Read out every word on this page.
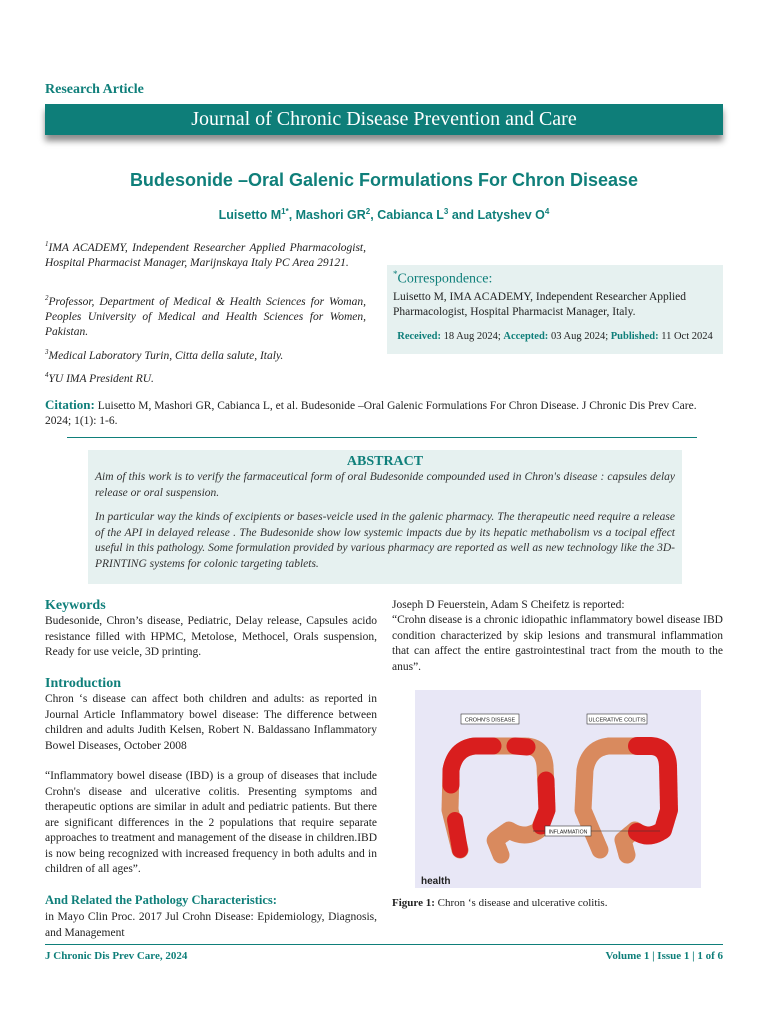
Research Article
Journal of Chronic Disease Prevention and Care
Budesonide –Oral Galenic Formulations For Chron Disease
Luisetto $M^{1*}$, Mashori $GR^2$, Cabianca $L^3$ and Latyshev $O^4$
$^1$IMA ACADEMY, Independent Researcher Applied Pharmacologist, Hospital Pharmacist Manager, Marijnskaya Italy PC Area 29121.
$^2$Professor, Department of Medical & Health Sciences for Woman, Peoples University of Medical and Health Sciences for Women, Pakistan.
$^3$Medical Laboratory Turin, Citta della salute, Italy.
$^4$YU IMA President RU.
*Correspondence:
Luisetto M, IMA ACADEMY, Independent Researcher Applied Pharmacologist, Hospital Pharmacist Manager, Italy.
Received: 18 Aug 2024; Accepted: 03 Aug 2024; Published: 11 Oct 2024
Citation: Luisetto M, Mashori GR, Cabianca L, et al. Budesonide –Oral Galenic Formulations For Chron Disease. J Chronic Dis Prev Care. 2024; 1(1): 1-6.
ABSTRACT

Aim of this work is to verify the farmaceutical form of oral Budesonide compounded used in Chron's disease : capsules delay release or oral suspension.

In particular way the kinds of excipients or bases-veicle used in the galenic pharmacy. The therapeutic need require a release of the API in delayed release . The Budesonide show low systemic impacts due by its hepatic methabolism vs a tocipal effect useful in this pathology. Some formulation provided by various pharmacy are reported as well as new technology like the 3D-PRINTING systems for colonic targeting tablets.

Keywords

Budesonide, Chron’s disease, Pediatric, Delay release, Capsules acido resistance filled with HPMC, Metolose, Methocel, Orals suspension, Ready for use veicle, 3D printing.

Introduction

Chron ‘s disease can affect both children and adults: as reported in Journal Article Inflammatory bowel disease: The difference between children and adults Judith Kelsen, Robert N. Baldassano Inflammatory Bowel Diseases, October 2008

“Inflammatory bowel disease (IBD) is a group of diseases that include Crohn's disease and ulcerative colitis. Presenting symptoms and therapeutic options are similar in adult and pediatric patients. But there are significant differences in the 2 populations that require separate approaches to treatment and management of the disease in children.IBD is now being recognized with increased frequency in both adults and in children of all ages”.

And Related the Pathology Characteristics:

in Mayo Clin Proc. 2017 Jul Crohn Disease: Epidemiology, Diagnosis, and Management

Joseph D Feuerstein, Adam S Cheifetz is reported:

“Crohn disease is a chronic idiopathic inflammatory bowel disease IBD condition characterized by skip lesions and transmural inflammation that can affect the entire gastrointestinal tract from the mouth to the anus”.

CROHN'S DISEASE	ULCERATIVE COLITIS
INFLAMMATION
health
Figure 1: Chron ‘s disease and ulcerative colitis.
J Chronic Dis Prev Care, 2024	Volume 1 | Issue 1 | 1 of 6
